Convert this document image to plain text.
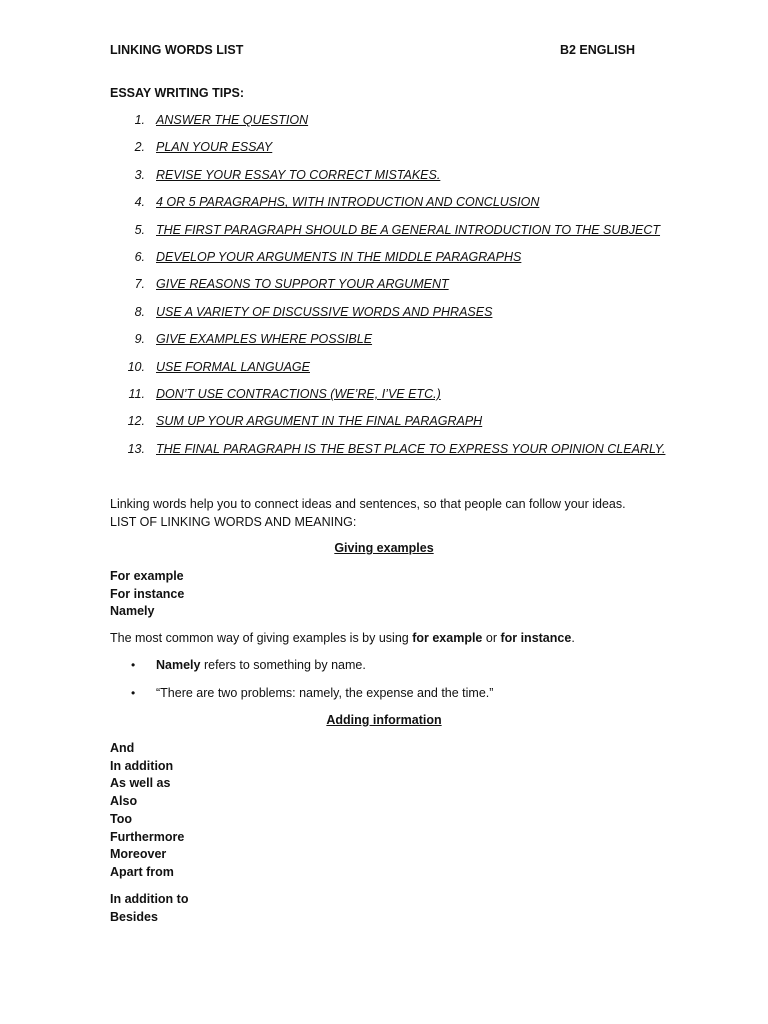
LINKING WORDS LIST	B2 ENGLISH
ESSAY WRITING TIPS:
1. ANSWER THE QUESTION
2. PLAN YOUR ESSAY
3. REVISE YOUR ESSAY TO CORRECT MISTAKES.
4. 4 OR 5 PARAGRAPHS, WITH INTRODUCTION AND CONCLUSION
5. THE FIRST PARAGRAPH SHOULD BE A GENERAL INTRODUCTION TO THE SUBJECT
6. DEVELOP YOUR ARGUMENTS IN THE MIDDLE PARAGRAPHS
7. GIVE REASONS TO SUPPORT YOUR ARGUMENT
8. USE A VARIETY OF DISCUSSIVE WORDS AND PHRASES
9. GIVE EXAMPLES WHERE POSSIBLE
10. USE FORMAL LANGUAGE
11. DON’T USE CONTRACTIONS (WE’RE, I’VE ETC.)
12. SUM UP YOUR ARGUMENT IN THE FINAL PARAGRAPH
13. THE FINAL PARAGRAPH IS THE BEST PLACE TO EXPRESS YOUR OPINION CLEARLY.
Linking words help you to connect ideas and sentences, so that people can follow your ideas.
LIST OF LINKING WORDS AND MEANING:
Giving examples
For example
For instance
Namely
The most common way of giving examples is by using for example or for instance.
• Namely refers to something by name.
• “There are two problems: namely, the expense and the time.”
Adding information
And
In addition
As well as
Also
Too
Furthermore
Moreover
Apart from
In addition to
Besides
